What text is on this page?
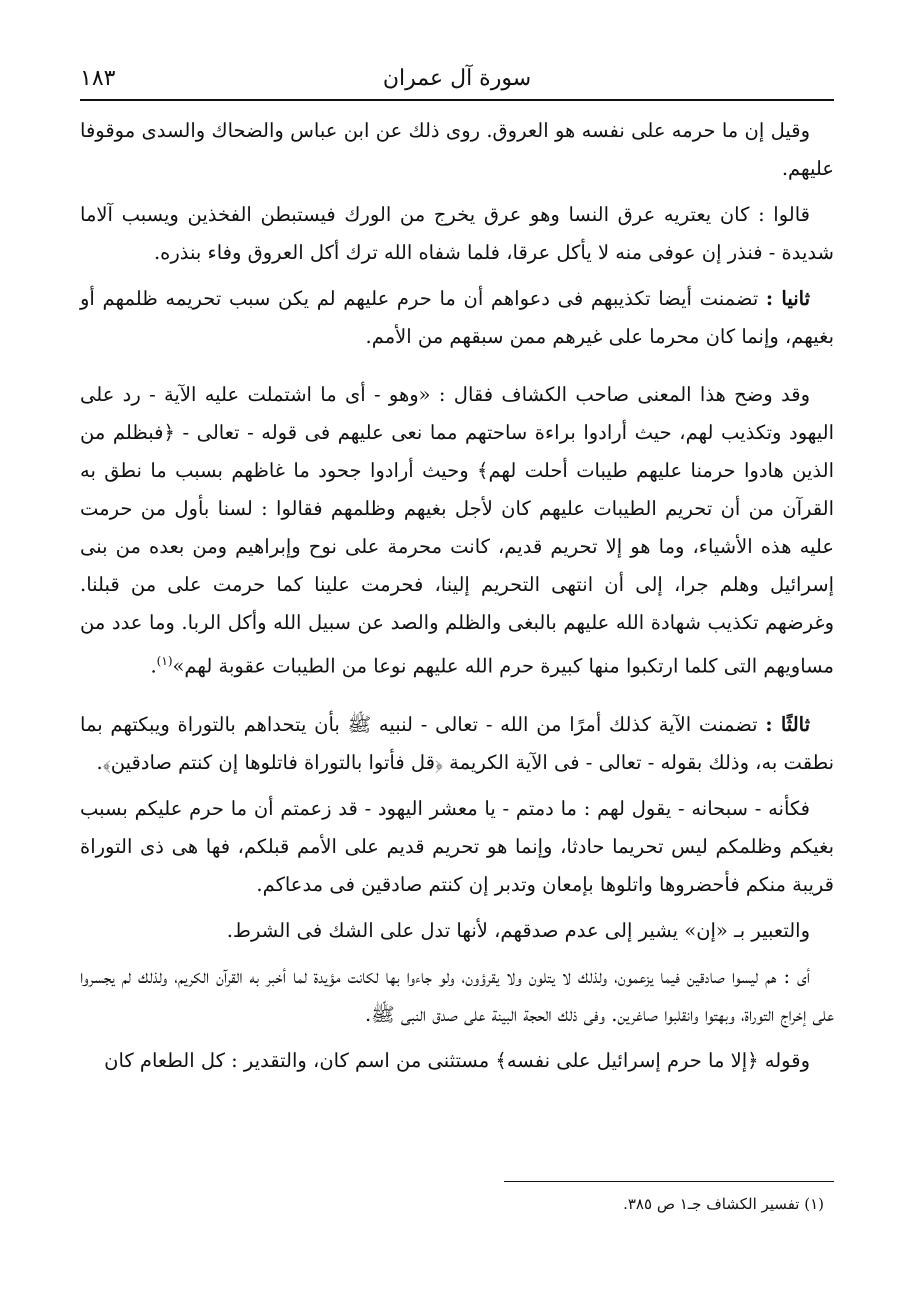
سورة آل عمران
١٨٣

وقيل إن ما حرمه على نفسه هو العروق. روى ذلك عن ابن عباس والضحاك والسدى موقوفا عليهم.

قالوا : كان يعتريه عرق النسا وهو عرق يخرج من الورك فيستبطن الفخذين ويسبب آلاما شديدة - فنذر إن عوفى منه لا يأكل عرقا، فلما شفاه الله ترك أكل العروق وفاء بنذره.

ثانيا : تضمنت أيضا تكذيبهم فى دعواهم أن ما حرم عليهم لم يكن سبب تحريمه ظلمهم أو بغيهم، وإنما كان محرما على غيرهم ممن سبقهم من الأمم.

وقد وضح هذا المعنى صاحب الكشاف فقال : «وهو - أى ما اشتملت عليه الآية - رد على اليهود وتكذيب لهم، حيث أرادوا براءة ساحتهم مما نعى عليهم فى قوله - تعالى - ﴿فبظلم من الذين هادوا حرمنا عليهم طيبات أحلت لهم﴾ وحيث أرادوا جحود ما غاظهم بسبب ما نطق به القرآن من أن تحريم الطيبات عليهم كان لأجل بغيهم وظلمهم فقالوا : لسنا بأول من حرمت عليه هذه الأشياء، وما هو إلا تحريم قديم، كانت محرمة على نوح وإبراهيم ومن بعده من بنى إسرائيل وهلم جرا، إلى أن انتهى التحريم إلينا، فحرمت علينا كما حرمت على من قبلنا. وغرضهم تكذيب شهادة الله عليهم بالبغى والظلم والصد عن سبيل الله وأكل الربا. وما عدد من مساويهم التى كلما ارتكبوا منها كبيرة حرم الله عليهم نوعا من الطيبات عقوبة لهم»$^{(١)}$.

ثالثًا : تضمنت الآية كذلك أمرًا من الله - تعالى - لنبيه ﷺ بأن يتحداهم بالتوراة ويبكتهم بما نطقت به، وذلك بقوله - تعالى - فى الآية الكريمة ﴿قل فأتوا بالتوراة فاتلوها إن كنتم صادقين﴾.

فكأنه - سبحانه - يقول لهم : ما دمتم - يا معشر اليهود - قد زعمتم أن ما حرم عليكم بسبب بغيكم وظلمكم ليس تحريما حادثا، وإنما هو تحريم قديم على الأمم قبلكم، فها هى ذى التوراة قريبة منكم فأحضروها واتلوها بإمعان وتدبر إن كنتم صادقين فى مدعاكم.

والتعبير بـ «إن» يشير إلى عدم صدقهم، لأنها تدل على الشك فى الشرط.

أى : هم ليسوا صادقين فيما يزعمون، ولذلك لا يتلون ولا يقرؤون، ولو جاءوا بها لكانت مؤيدة لما أخبر به القرآن الكريم، ولذلك لم يجسروا على إخراج التوراة، وبهتوا وانقلبوا صاغرين. وفى ذلك الحجة البينة على صدق النبى ﷺ.

وقوله ﴿إلا ما حرم إسرائيل على نفسه﴾ مستثنى من اسم كان، والتقدير : كل الطعام كان

(١) تفسير الكشاف جـ١ ص ٣٨٥.
